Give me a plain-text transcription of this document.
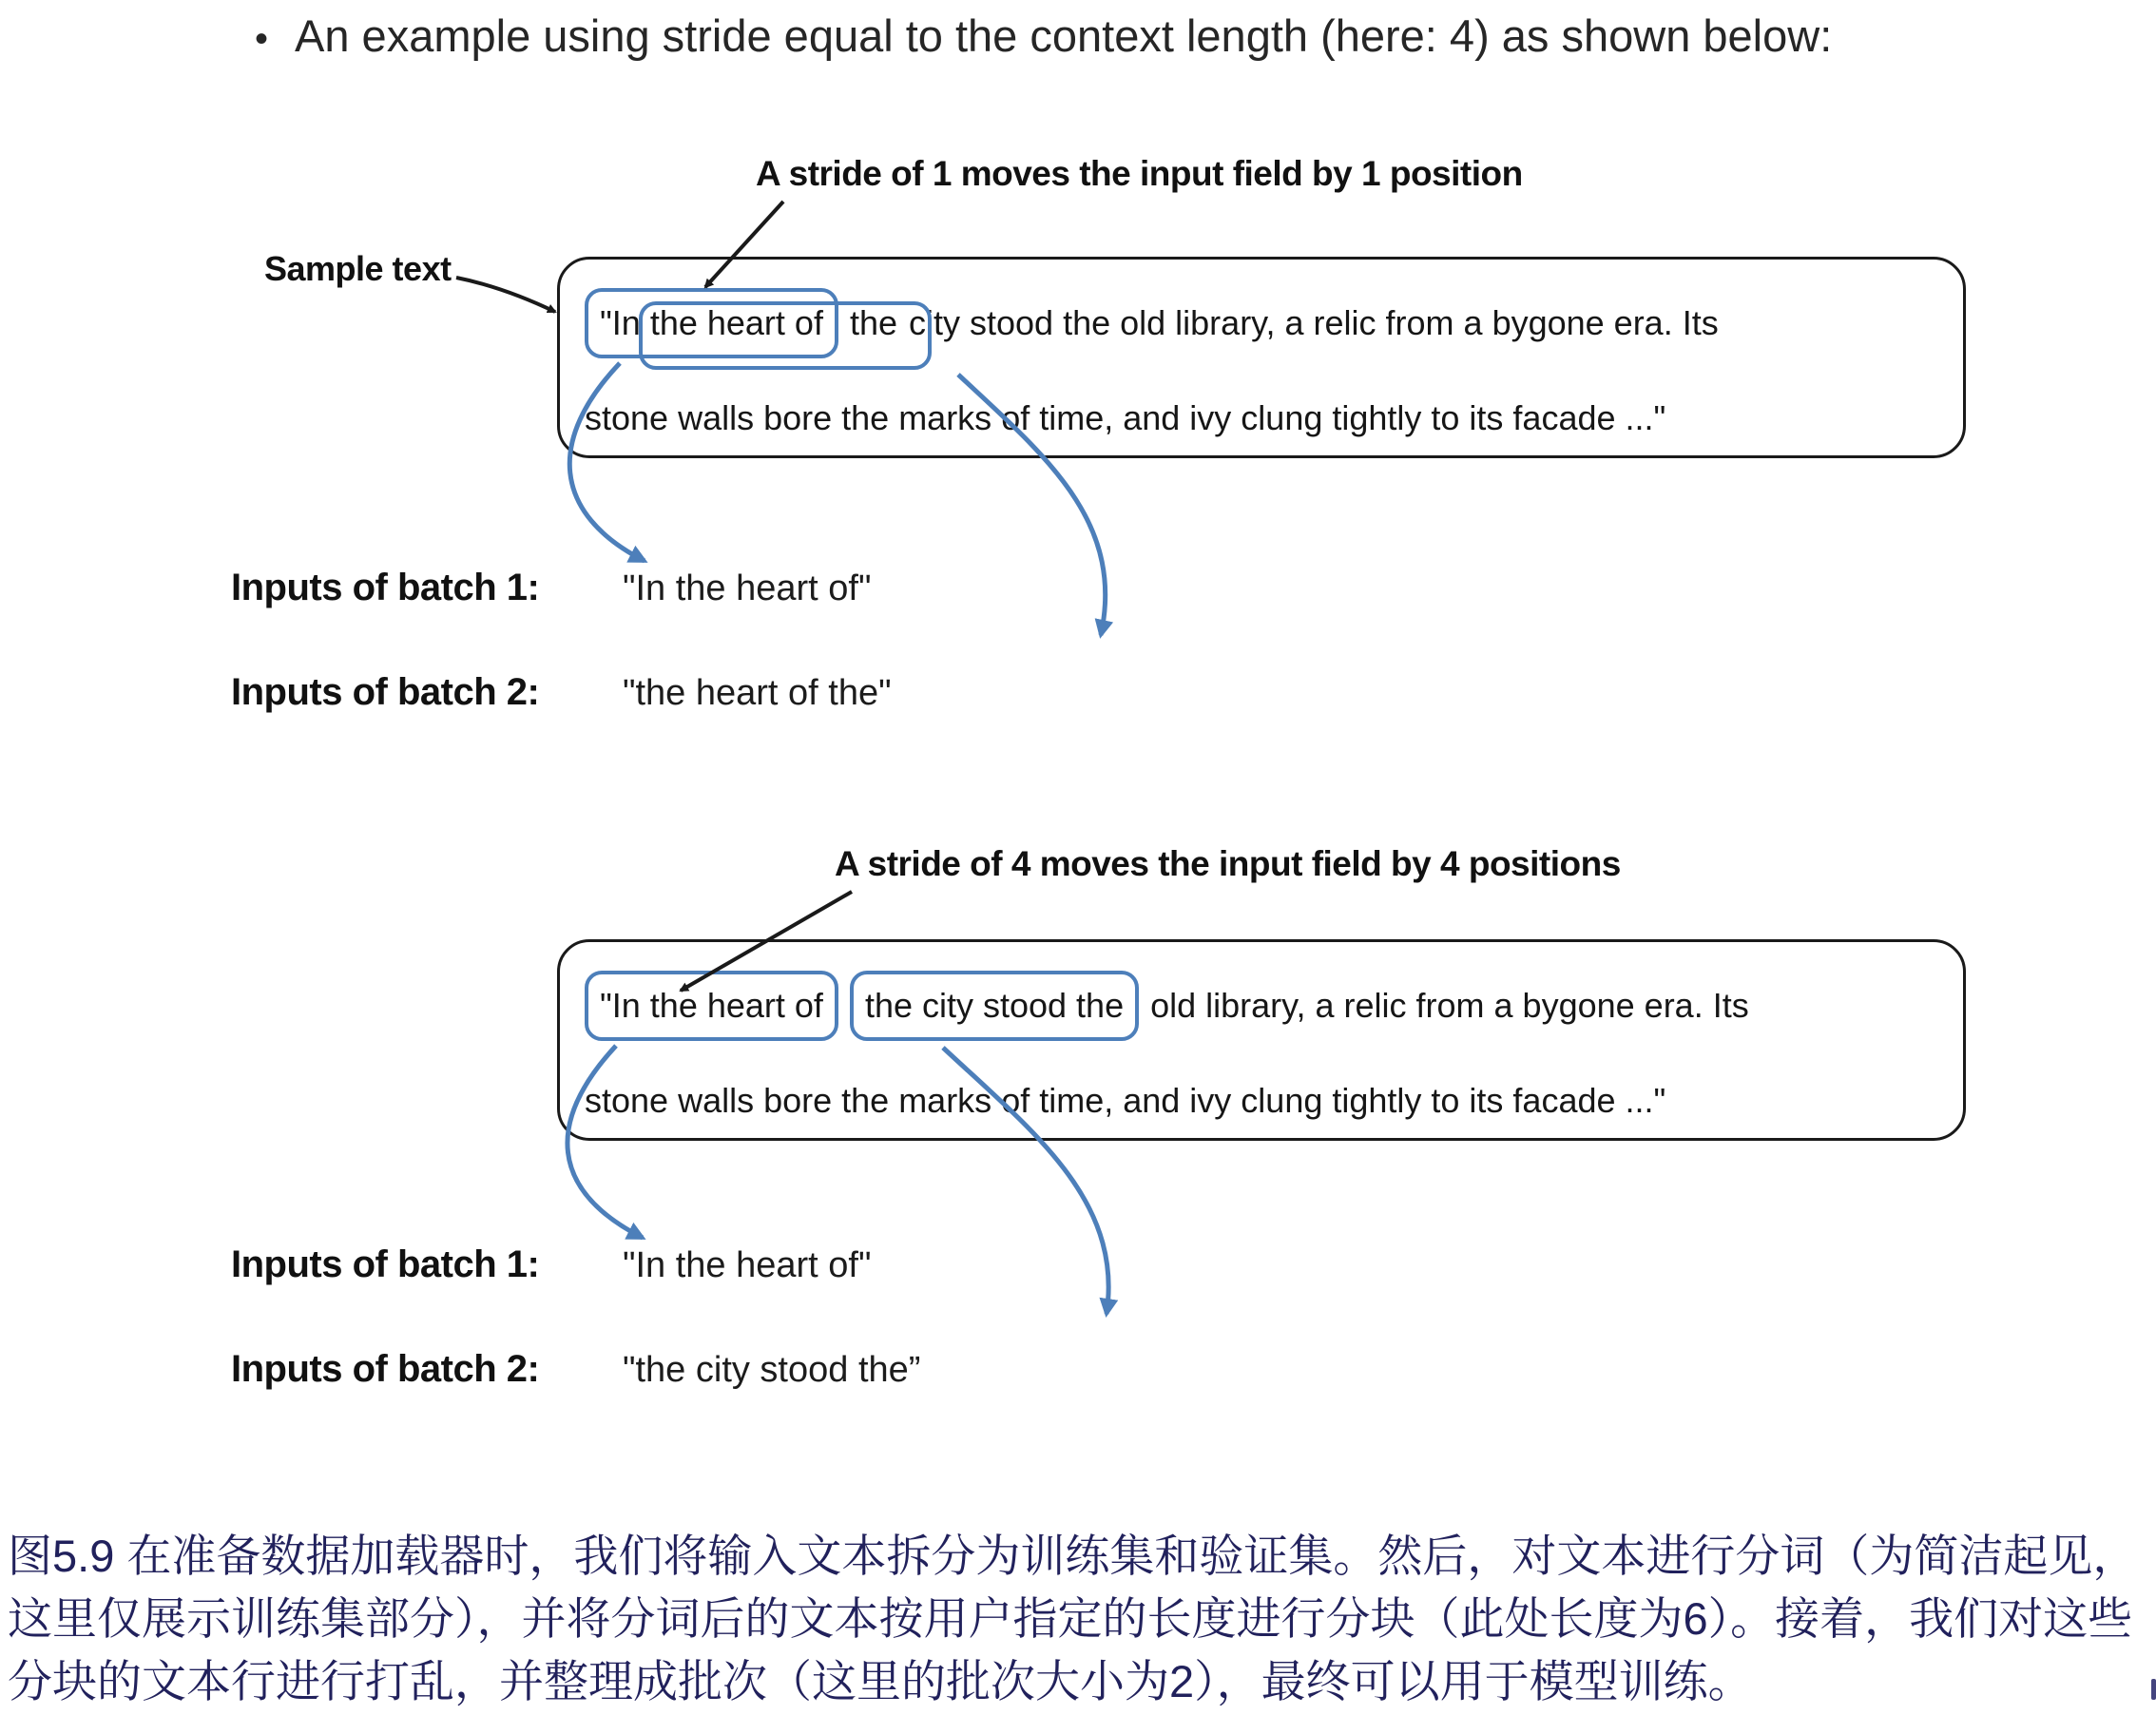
• An example using stride equal to the context length (here: 4) as shown below:
A stride of 1 moves the input field by 1 position
Sample text
"In the heart of the city stood the old library, a relic from a bygone era. Its
stone walls bore the marks of time, and ivy clung tightly to its facade ..."
Inputs of batch 1:	"In the heart of"
Inputs of batch 2:	"the heart of the"
A stride of 4 moves the input field by 4 positions
"In the heart of the city stood the old library, a relic from a bygone era. Its
stone walls bore the marks of time, and ivy clung tightly to its facade ..."
Inputs of batch 1:	"In the heart of"
Inputs of batch 2:	"the city stood the”
图5.9 在准备数据加载器时，我们将输入文本拆分为训练集和验证集。然后，对文本进行分词（为简洁起见，
这里仅展示训练集部分），并将分词后的文本按用户指定的长度进行分块（此处长度为6）。接着，我们对这些
分块的文本行进行打乱，并整理成批次（这里的批次大小为2），最终可以用于模型训练。
